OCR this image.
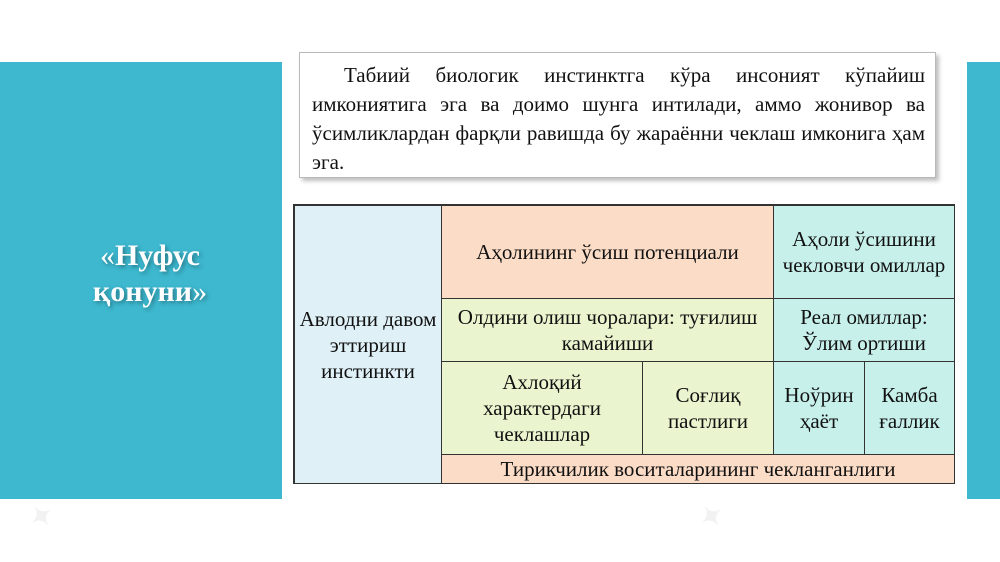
«Нуфус қонуни»

Табиий биологик инстинктга кўра инсоният кўпайиш имкониятига эга ва доимо шунга интилади, аммо жонивор ва ўсимликлардан фарқли равишда бу жараённи чеклаш имконига ҳам эга.

Авлодни давом эттириш инстинкти
Аҳолининг ўсиш потенциали
Аҳоли ўсишини чекловчи омиллар
Олдини олиш чоралари: туғилиш камайиши
Реал омиллар: Ўлим ортиши
Ахлоқий характердаги чеклашлар
Соғлиқ пастлиги
Ноўрин ҳаёт
Камба ғаллик
Тирикчилик воситаларининг чекланганлиги
✦	✦
